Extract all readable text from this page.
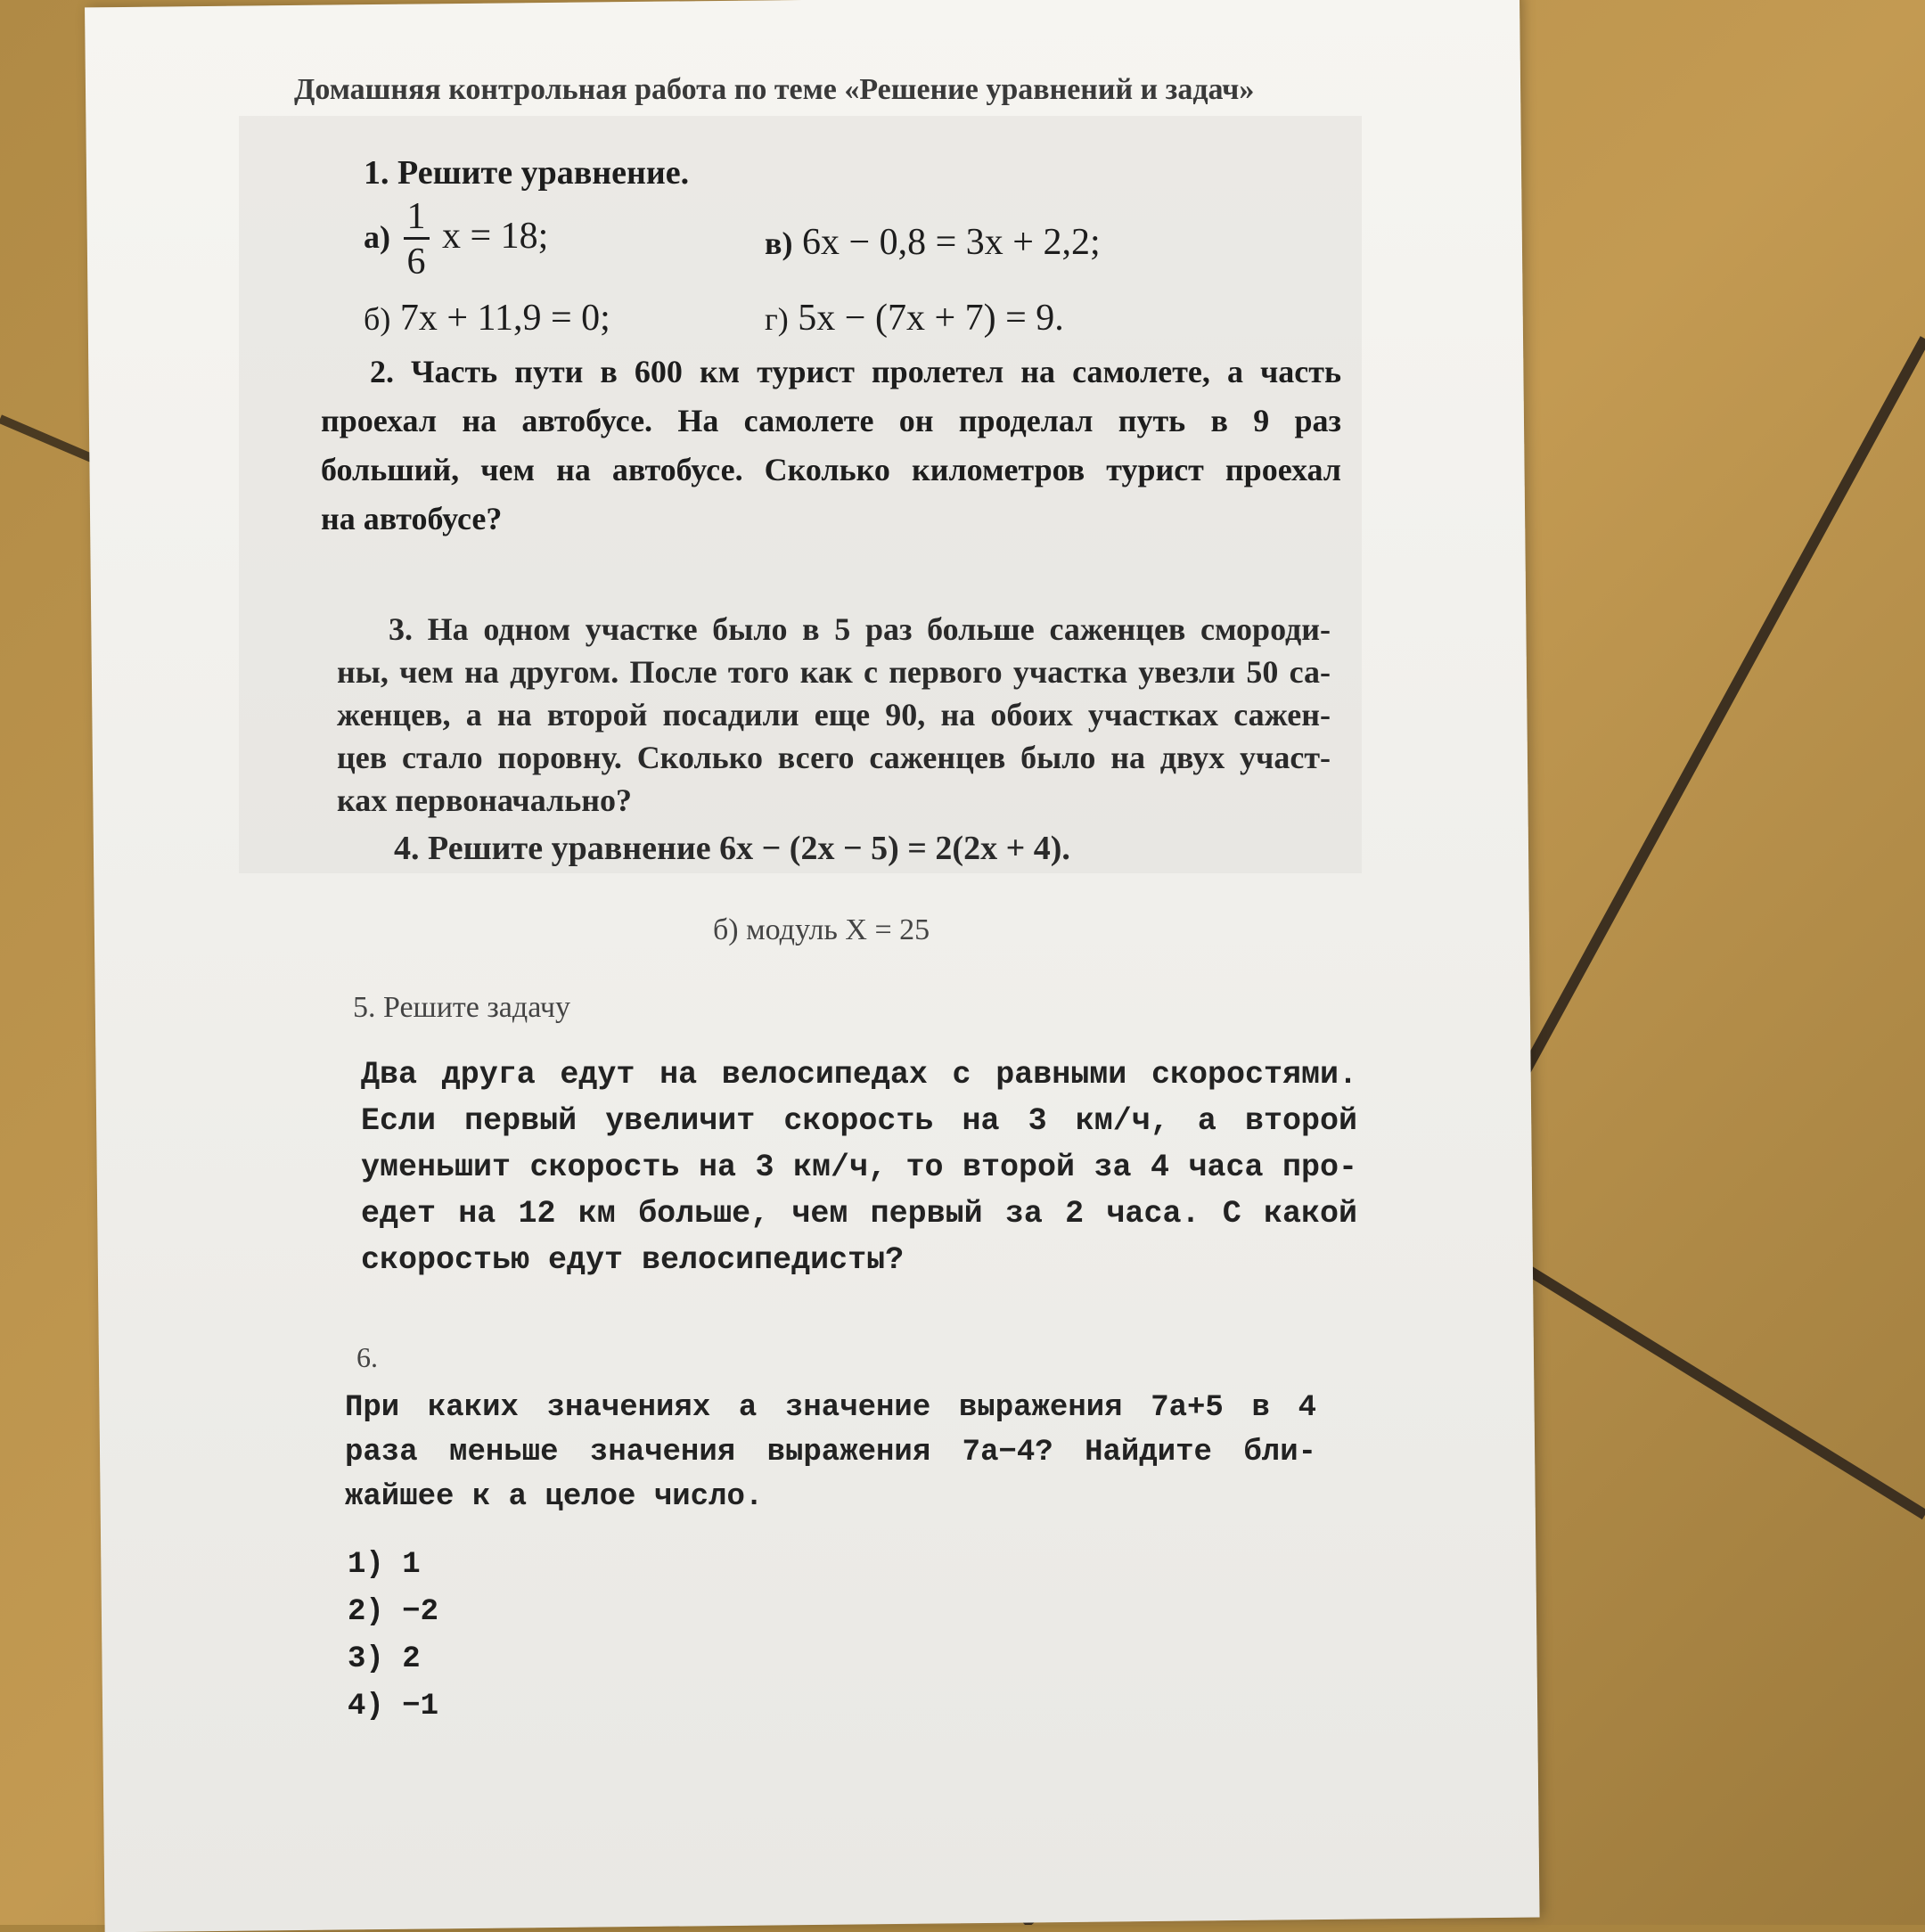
Домашняя контрольная работа по теме «Решение уравнений и задач»
1. Решите уравнение.
$а) \frac{1}{6}$ x = 18;	в) 6x − 0,8 = 3x + 2,2;
б) 7x + 11,9 = 0;	г) 5x − (7x + 7) = 9.
2. Часть пути в 600 км турист пролетел на самолете, а часть
проехал на автобусе. На самолете он проделал путь в 9 раз
больший, чем на автобусе. Сколько километров турист проехал
на автобусе?
3. На одном участке было в 5 раз больше саженцев смороди-
ны, чем на другом. После того как с первого участка увезли 50 са-
женцев, а на второй посадили еще 90, на обоих участках сажен-
цев стало поровну. Сколько всего саженцев было на двух участ-
ках первоначально?
4. Решите уравнение 6x − (2x − 5) = 2(2x + 4).
б) модуль X = 25
5. Решите задачу
Два друга едут на велосипедах с равными скоростями.
Если первый увеличит скорость на 3 км/ч, а второй
уменьшит скорость на 3 км/ч, то второй за 4 часа про-
едет на 12 км больше, чем первый за 2 часа. С какой
скоростью едут велосипедисты?
6.
При каких значениях a значение выражения 7a+5 в 4
раза меньше значения выражения 7a−4? Найдите бли-
жайшее к a целое число.
1) 1
2) −2
3) 2
4) −1
